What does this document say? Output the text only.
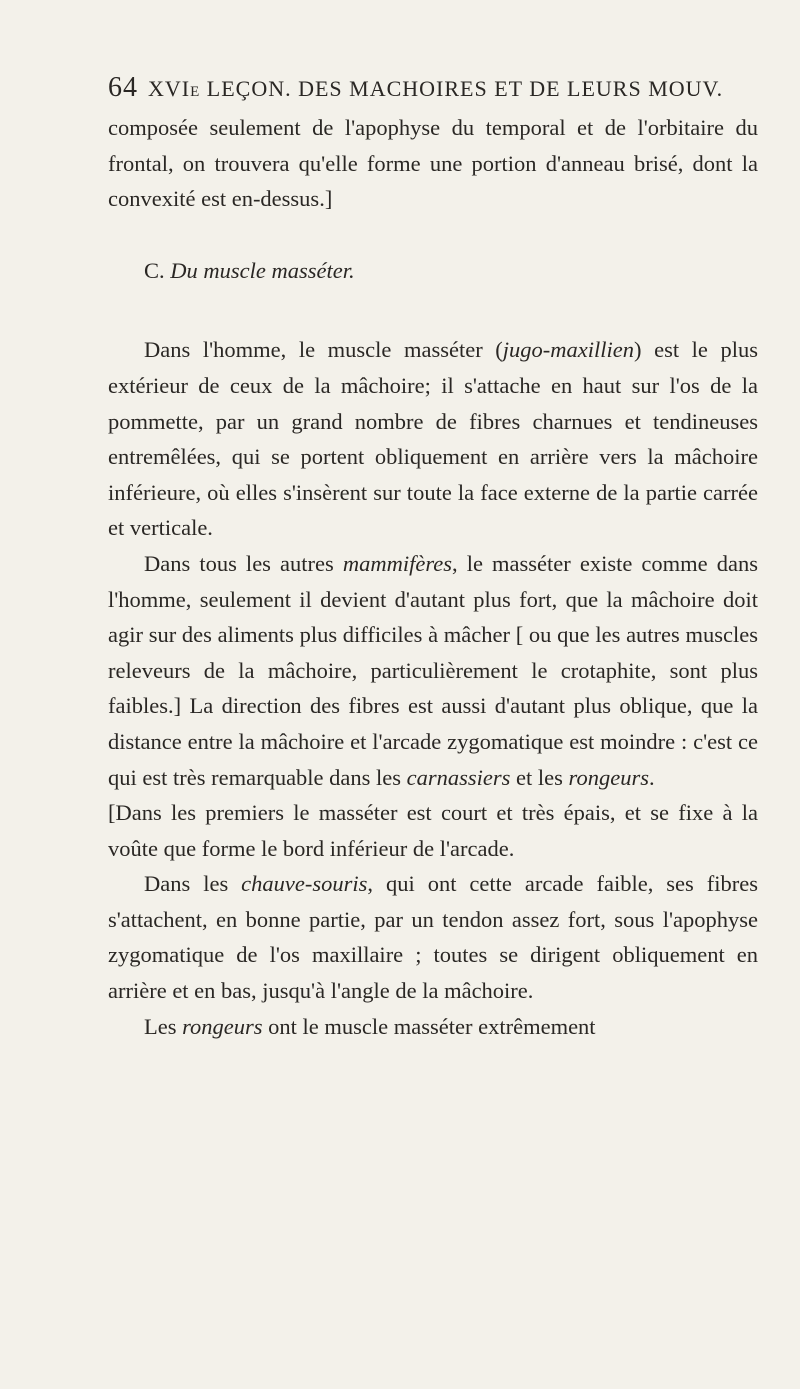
64 XVIe LEÇON. DES MACHOIRES ET DE LEURS MOUV.

composée seulement de l'apophyse du temporal et de l'orbitaire du frontal, on trouvera qu'elle forme une portion d'anneau brisé, dont la convexité est en-dessus.]

C. Du muscle masséter.

Dans l'homme, le muscle masséter (jugo-maxillien) est le plus extérieur de ceux de la mâchoire; il s'attache en haut sur l'os de la pommette, par un grand nombre de fibres charnues et tendineuses entremêlées, qui se portent obliquement en arrière vers la mâchoire inférieure, où elles s'insèrent sur toute la face externe de la partie carrée et verticale.

Dans tous les autres mammifères, le masséter existe comme dans l'homme, seulement il devient d'autant plus fort, que la mâchoire doit agir sur des aliments plus difficiles à mâcher [ ou que les autres muscles releveurs de la mâchoire, particulièrement le crotaphite, sont plus faibles.] La direction des fibres est aussi d'autant plus oblique, que la distance entre la mâchoire et l'arcade zygomatique est moindre : c'est ce qui est très remarquable dans les carnassiers et les rongeurs.

[Dans les premiers le masséter est court et très épais, et se fixe à la voûte que forme le bord inférieur de l'arcade.

Dans les chauve-souris, qui ont cette arcade faible, ses fibres s'attachent, en bonne partie, par un tendon assez fort, sous l'apophyse zygomatique de l'os maxillaire ; toutes se dirigent obliquement en arrière et en bas, jusqu'à l'angle de la mâchoire.

Les rongeurs ont le muscle masséter extrêmement
